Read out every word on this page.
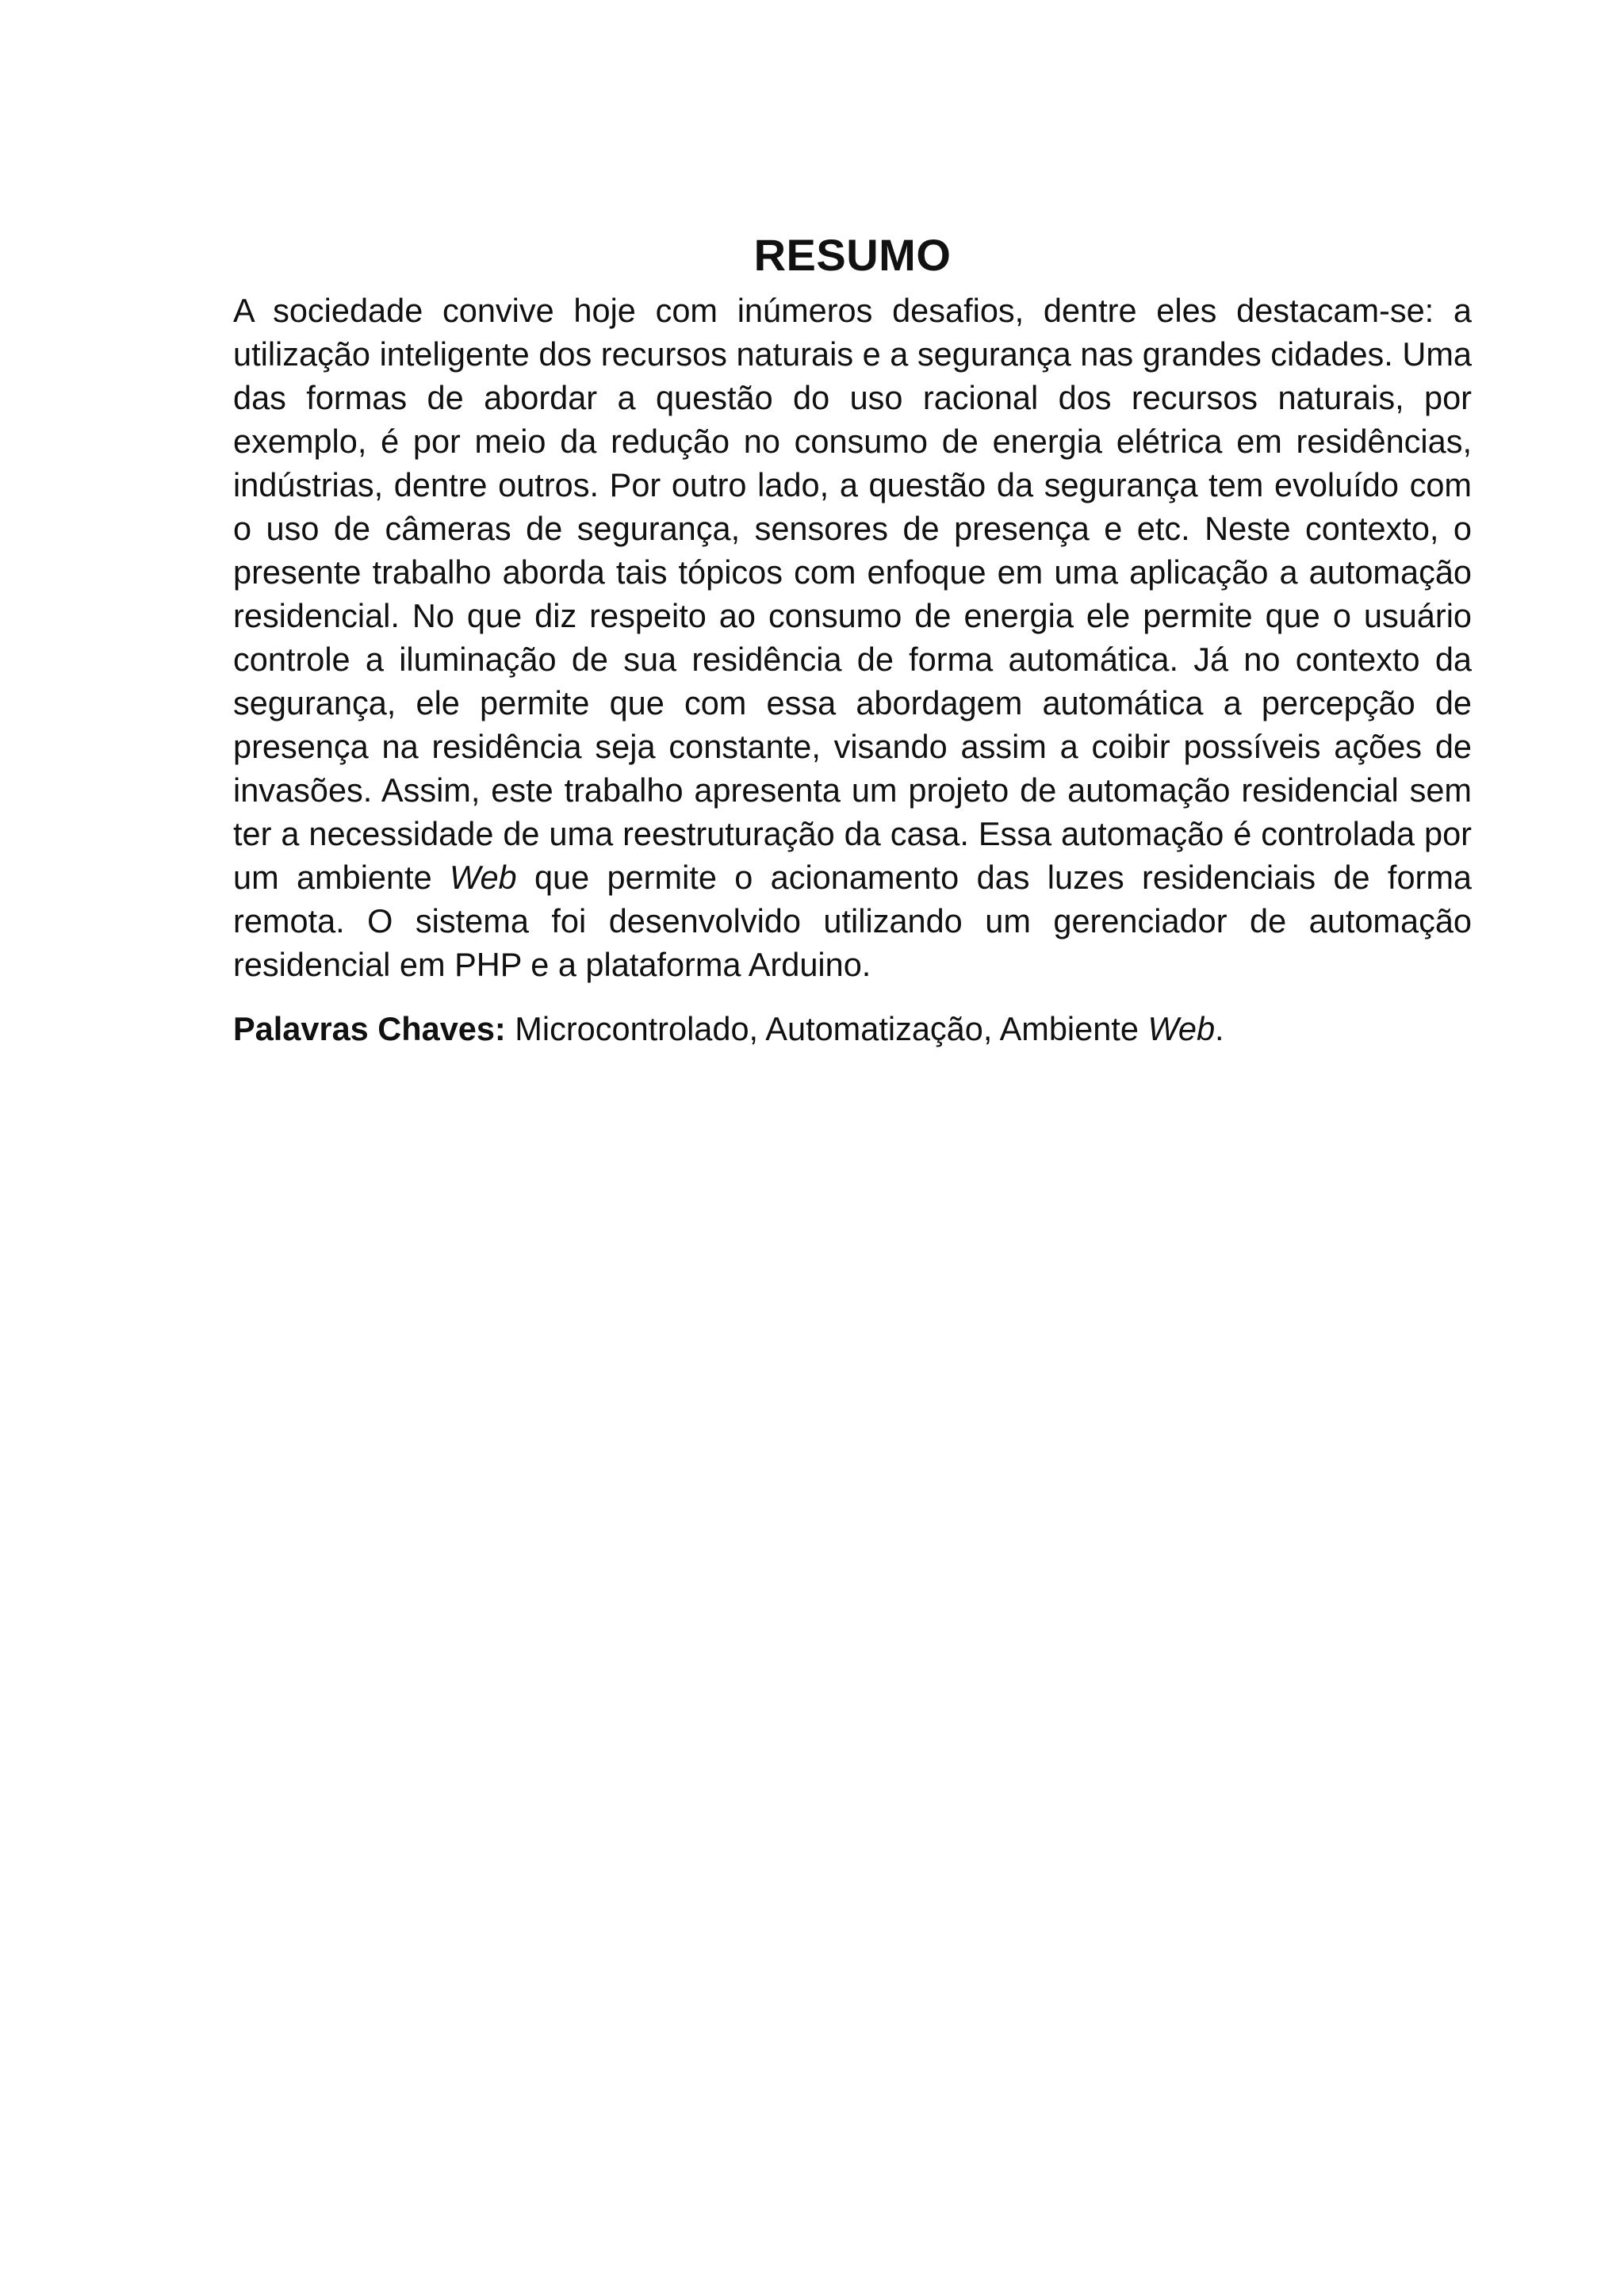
RESUMO

A sociedade convive hoje com inúmeros desafios, dentre eles destacam-se: a utilização inteligente dos recursos naturais e a segurança nas grandes cidades. Uma das formas de abordar a questão do uso racional dos recursos naturais, por exemplo, é por meio da redução no consumo de energia elétrica em residências, indústrias, dentre outros. Por outro lado, a questão da segurança tem evoluído com o uso de câmeras de segurança, sensores de presença e etc. Neste contexto, o presente trabalho aborda tais tópicos com enfoque em uma aplicação a automação residencial. No que diz respeito ao consumo de energia ele permite que o usuário controle a iluminação de sua residência de forma automática. Já no contexto da segurança, ele permite que com essa abordagem automática a percepção de presença na residência seja constante, visando assim a coibir possíveis ações de invasões. Assim, este trabalho apresenta um projeto de automação residencial sem ter a necessidade de uma reestruturação da casa. Essa automação é controlada por um ambiente Web que permite o acionamento das luzes residenciais de forma remota. O sistema foi desenvolvido utilizando um gerenciador de automação residencial em PHP e a plataforma Arduino.

Palavras Chaves: Microcontrolado, Automatização, Ambiente Web.
